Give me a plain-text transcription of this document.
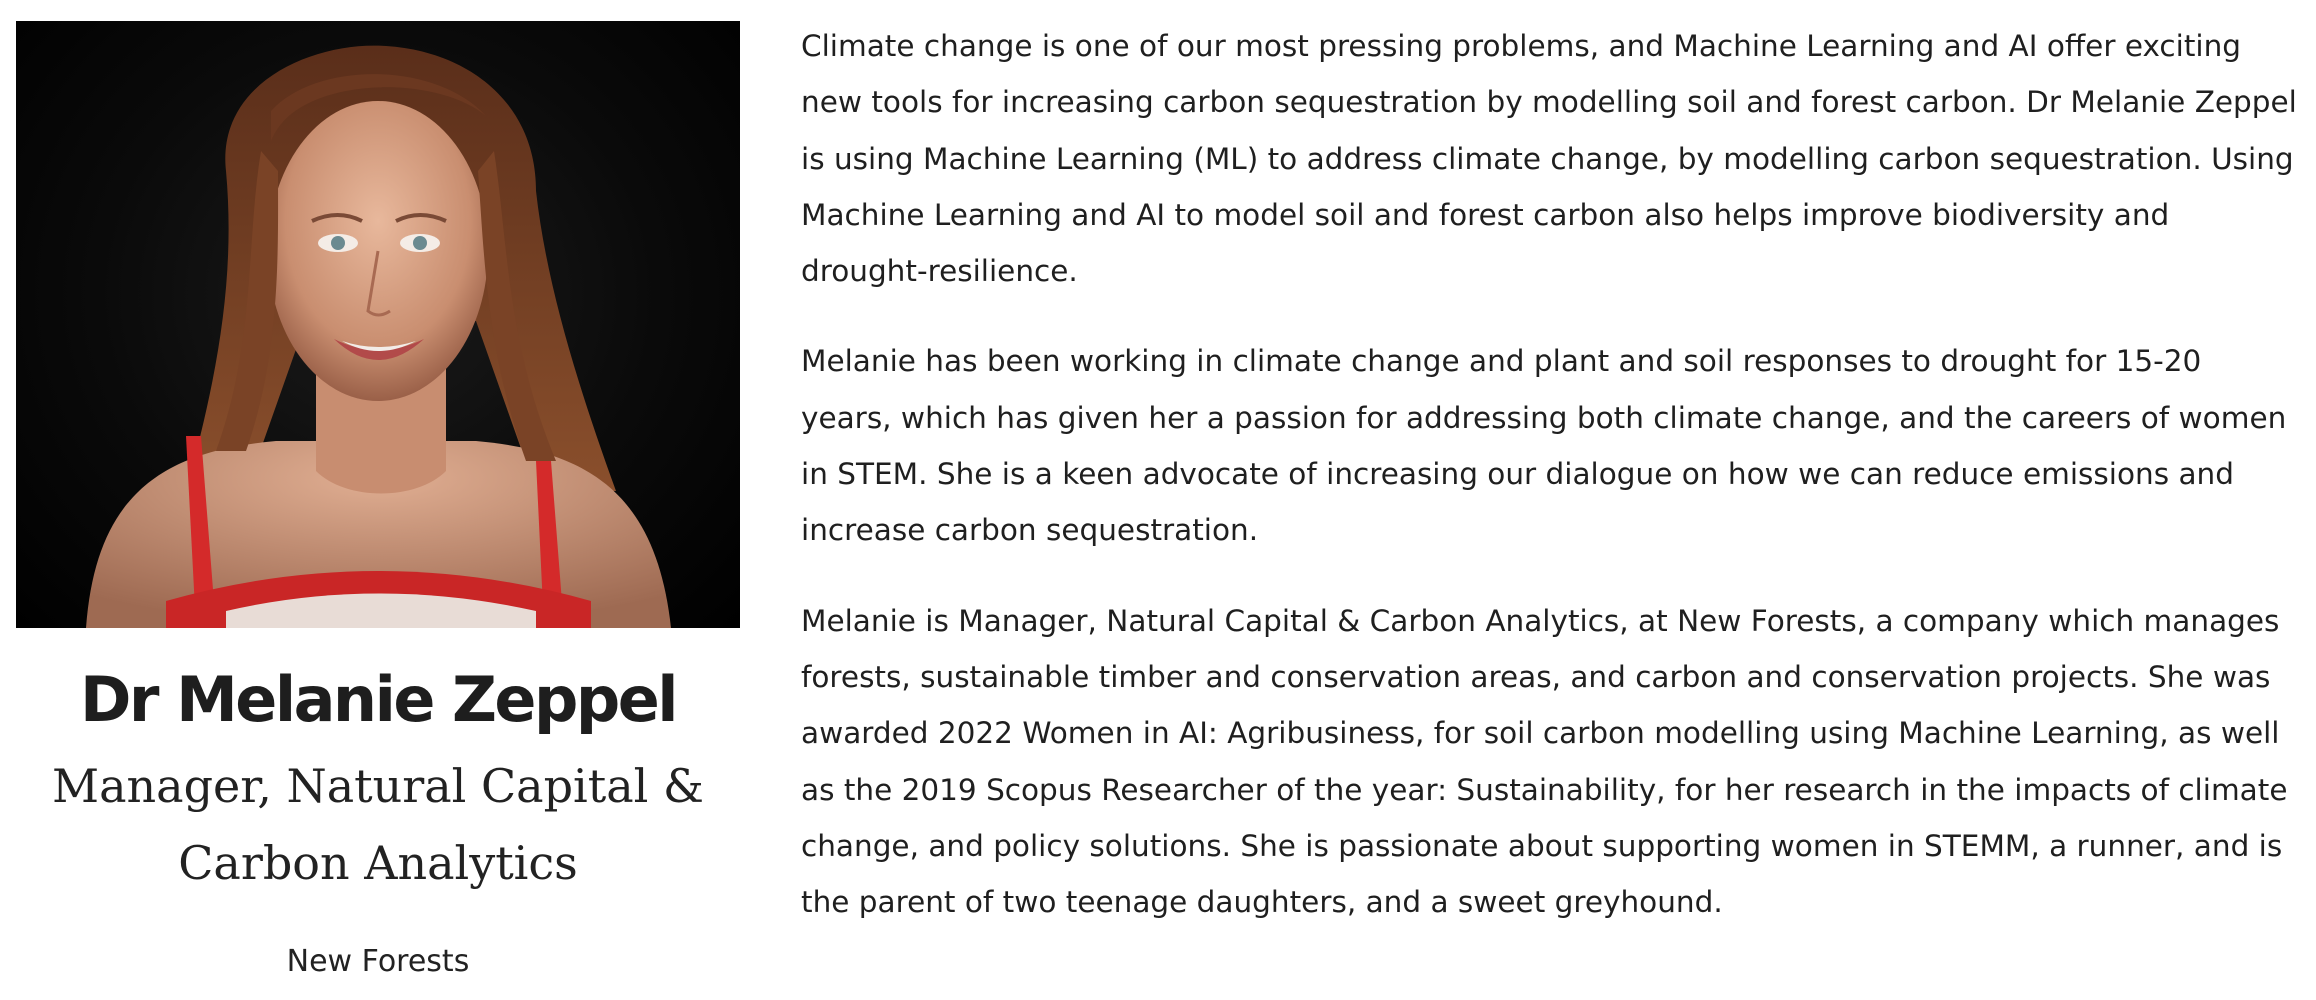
Dr Melanie Zeppel
Manager, Natural Capital & Carbon Analytics
New Forests

Climate change is one of our most pressing problems, and Machine Learning and AI offer exciting new tools for increasing carbon sequestration by modelling soil and forest carbon. Dr Melanie Zeppel is using Machine Learning (ML) to address climate change, by modelling carbon sequestration. Using Machine Learning and AI to model soil and forest carbon also helps improve biodiversity and drought-resilience.

Melanie has been working in climate change and plant and soil responses to drought for 15-20 years, which has given her a passion for addressing both climate change, and the careers of women in STEM. She is a keen advocate of increasing our dialogue on how we can reduce emissions and increase carbon sequestration.

Melanie is Manager, Natural Capital & Carbon Analytics, at New Forests, a company which manages forests, sustainable timber and conservation areas, and carbon and conservation projects. She was awarded 2022 Women in AI: Agribusiness, for soil carbon modelling using Machine Learning, as well as the 2019 Scopus Researcher of the year: Sustainability, for her research in the impacts of climate change, and policy solutions. She is passionate about supporting women in STEMM, a runner, and is the parent of two teenage daughters, and a sweet greyhound.
